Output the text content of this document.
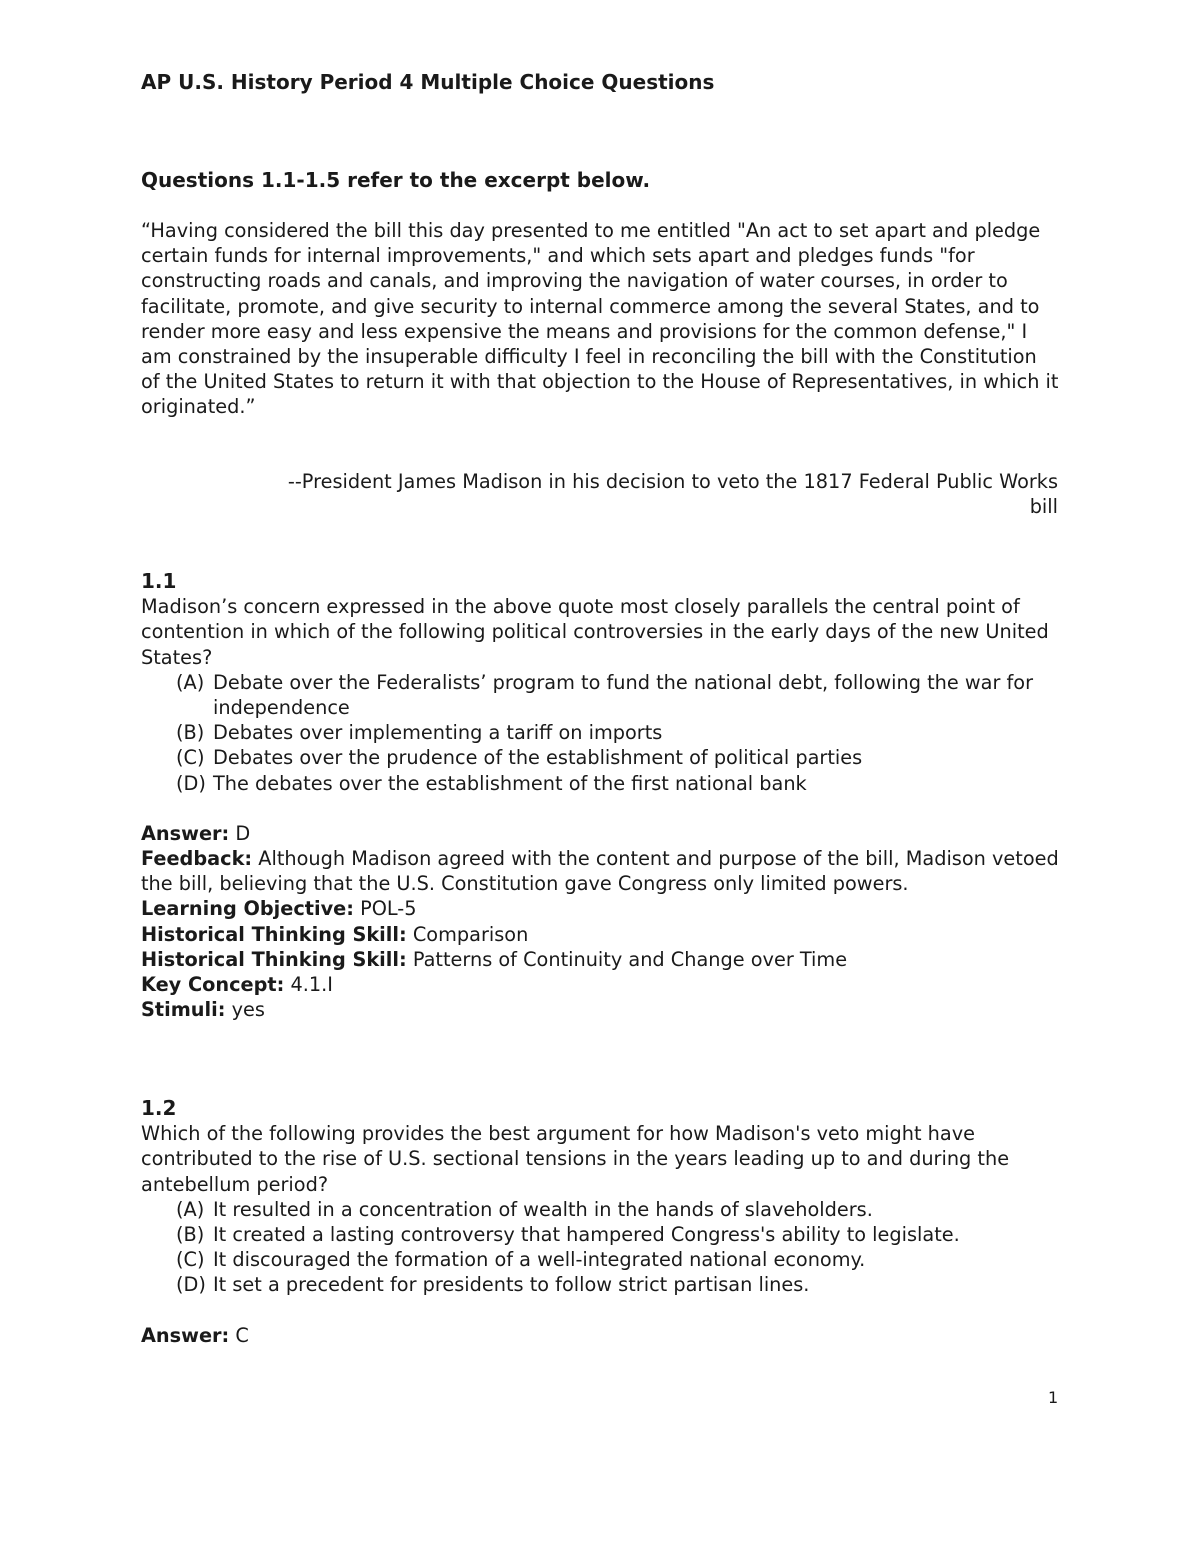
AP U.S. History Period 4 Multiple Choice Questions
Questions 1.1-1.5 refer to the excerpt below.

“Having considered the bill this day presented to me entitled "An act to set apart and pledge certain funds for internal improvements," and which sets apart and pledges funds "for constructing roads and canals, and improving the navigation of water courses, in order to facilitate, promote, and give security to internal commerce among the several States, and to render more easy and less expensive the means and provisions for the common defense," I am constrained by the insuperable difficulty I feel in reconciling the bill with the Constitution of the United States to return it with that objection to the House of Representatives, in which it originated.”

--President James Madison in his decision to veto the 1817 Federal Public Works bill

1.1

Madison’s concern expressed in the above quote most closely parallels the central point of contention in which of the following political controversies in the early days of the new United States?

(A) Debate over the Federalists’ program to fund the national debt, following the war for independence
(B) Debates over implementing a tariff on imports
(C) Debates over the prudence of the establishment of political parties
(D) The debates over the establishment of the first national bank

Answer: D

Feedback: Although Madison agreed with the content and purpose of the bill, Madison vetoed the bill, believing that the U.S. Constitution gave Congress only limited powers.

Learning Objective: POL-5

Historical Thinking Skill: Comparison

Historical Thinking Skill: Patterns of Continuity and Change over Time

Key Concept: 4.1.I

Stimuli: yes

1.2

Which of the following provides the best argument for how Madison's veto might have contributed to the rise of U.S. sectional tensions in the years leading up to and during the antebellum period?

(A) It resulted in a concentration of wealth in the hands of slaveholders.
(B) It created a lasting controversy that hampered Congress's ability to legislate.
(C) It discouraged the formation of a well-integrated national economy.
(D) It set a precedent for presidents to follow strict partisan lines.

Answer: C

1
